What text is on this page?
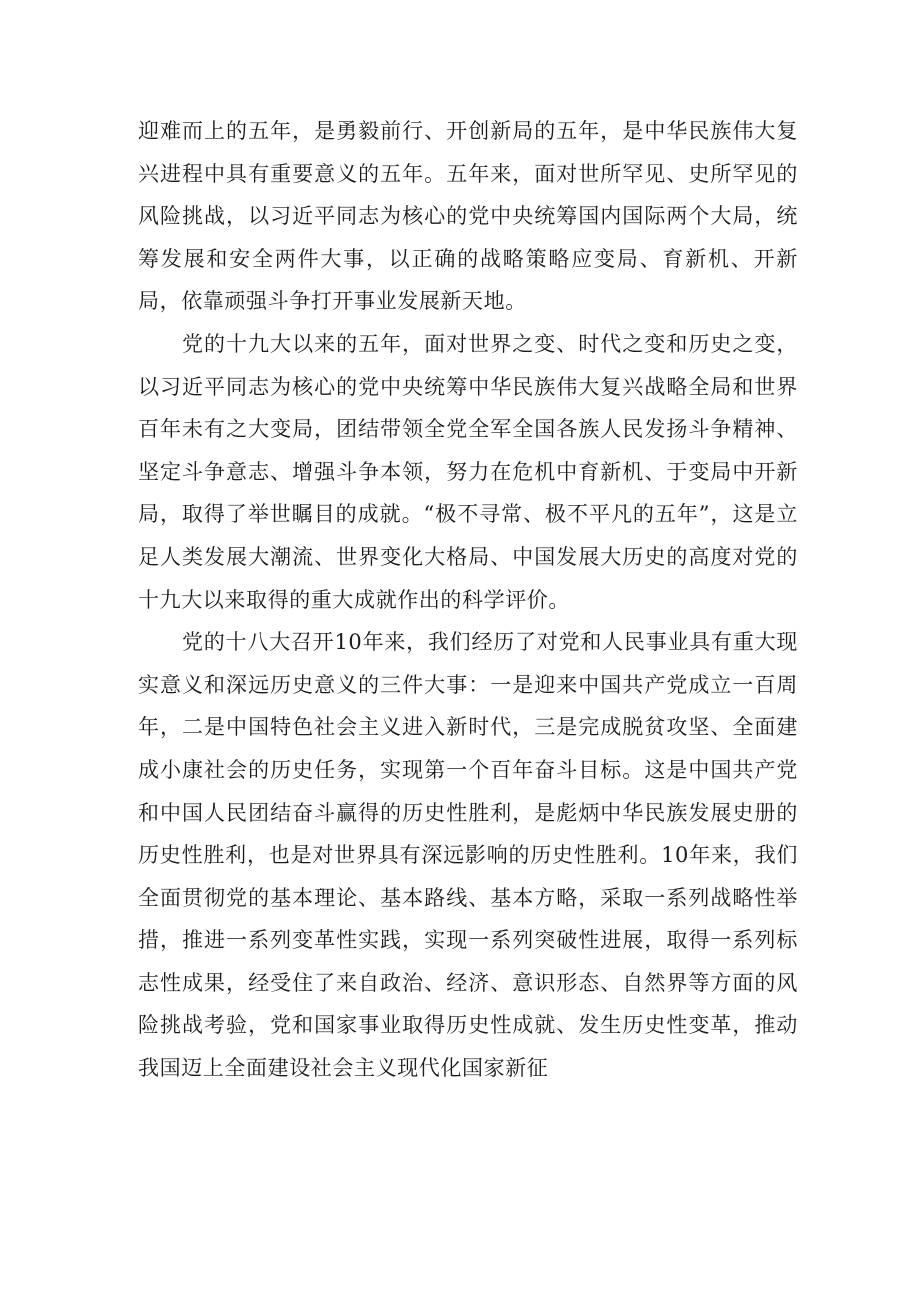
迎难而上的五年，是勇毅前行、开创新局的五年，是中华民族伟大复兴进程中具有重要意义的五年。五年来，面对世所罕见、史所罕见的风险挑战，以习近平同志为核心的党中央统筹国内国际两个大局，统筹发展和安全两件大事，以正确的战略策略应变局、育新机、开新局，依靠顽强斗争打开事业发展新天地。

党的十九大以来的五年，面对世界之变、时代之变和历史之变，以习近平同志为核心的党中央统筹中华民族伟大复兴战略全局和世界百年未有之大变局，团结带领全党全军全国各族人民发扬斗争精神、坚定斗争意志、增强斗争本领，努力在危机中育新机、于变局中开新局，取得了举世瞩目的成就。“极不寻常、极不平凡的五年”，这是立足人类发展大潮流、世界变化大格局、中国发展大历史的高度对党的十九大以来取得的重大成就作出的科学评价。

党的十八大召开10年来，我们经历了对党和人民事业具有重大现实意义和深远历史意义的三件大事：一是迎来中国共产党成立一百周年，二是中国特色社会主义进入新时代，三是完成脱贫攻坚、全面建成小康社会的历史任务，实现第一个百年奋斗目标。这是中国共产党和中国人民团结奋斗赢得的历史性胜利，是彪炳中华民族发展史册的历史性胜利，也是对世界具有深远影响的历史性胜利。10年来，我们全面贯彻党的基本理论、基本路线、基本方略，采取一系列战略性举措，推进一系列变革性实践，实现一系列突破性进展，取得一系列标志性成果，经受住了来自政治、经济、意识形态、自然界等方面的风险挑战考验，党和国家事业取得历史性成就、发生历史性变革，推动我国迈上全面建设社会主义现代化国家新征
